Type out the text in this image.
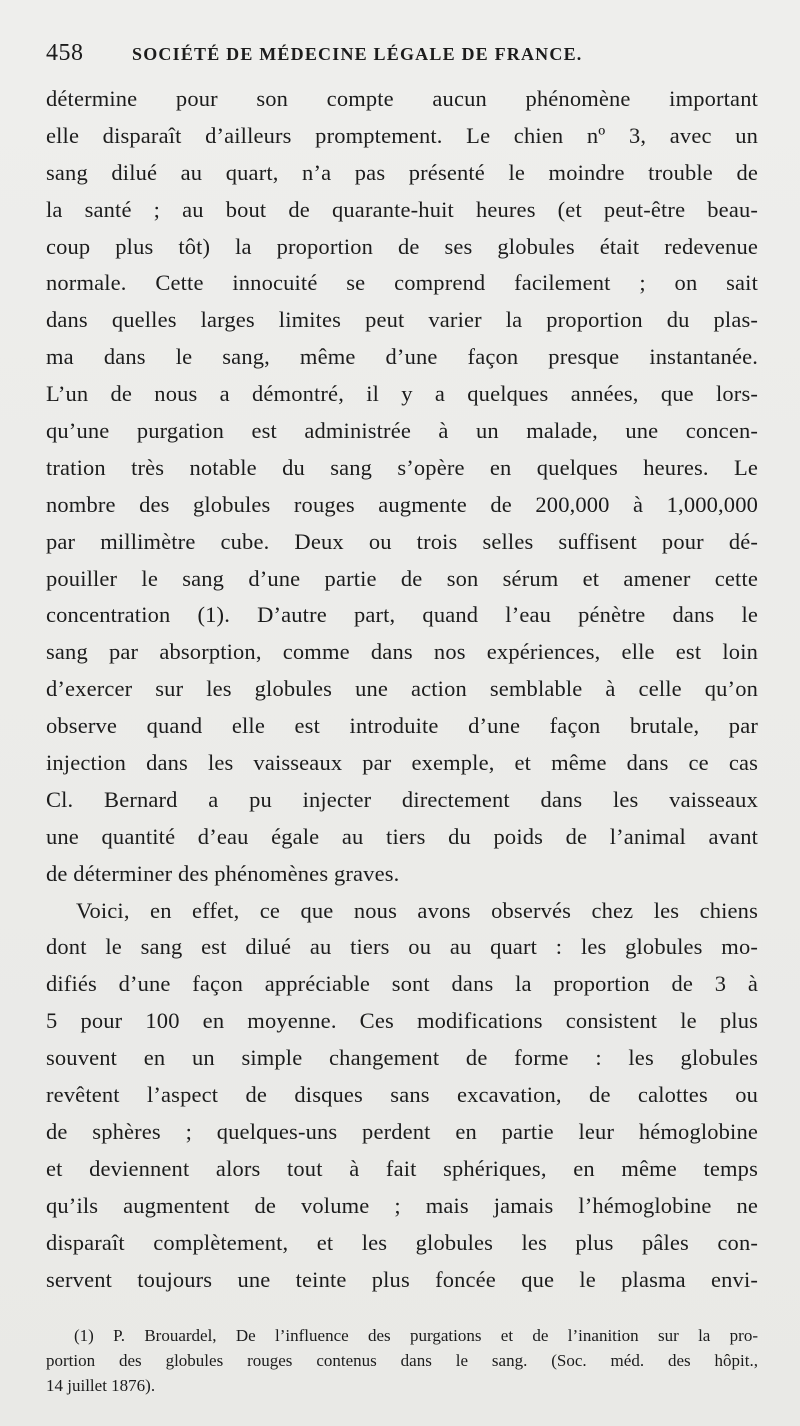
458	SOCIÉTÉ DE MÉDECINE LÉGALE DE FRANCE.
détermine pour son compte aucun phénomène important
elle disparaît d’ailleurs promptement. Le chien nº 3, avec un
sang dilué au quart, n’a pas présenté le moindre trouble de
la santé ; au bout de quarante-huit heures (et peut-être beau-
coup plus tôt) la proportion de ses globules était redevenue
normale. Cette innocuité se comprend facilement ; on sait
dans quelles larges limites peut varier la proportion du plas-
ma dans le sang, même d’une façon presque instantanée.
L’un de nous a démontré, il y a quelques années, que lors-
qu’une purgation est administrée à un malade, une concen-
tration très notable du sang s’opère en quelques heures. Le
nombre des globules rouges augmente de 200,000 à 1,000,000
par millimètre cube. Deux ou trois selles suffisent pour dé-
pouiller le sang d’une partie de son sérum et amener cette
concentration (1). D’autre part, quand l’eau pénètre dans le
sang par absorption, comme dans nos expériences, elle est loin
d’exercer sur les globules une action semblable à celle qu’on
observe quand elle est introduite d’une façon brutale, par
injection dans les vaisseaux par exemple, et même dans ce cas
Cl. Bernard a pu injecter directement dans les vaisseaux
une quantité d’eau égale au tiers du poids de l’animal avant
de déterminer des phénomènes graves.
Voici, en effet, ce que nous avons observés chez les chiens
dont le sang est dilué au tiers ou au quart : les globules mo-
difiés d’une façon appréciable sont dans la proportion de 3 à
5 pour 100 en moyenne. Ces modifications consistent le plus
souvent en un simple changement de forme : les globules
revêtent l’aspect de disques sans excavation, de calottes ou
de sphères ; quelques-uns perdent en partie leur hémoglobine
et deviennent alors tout à fait sphériques, en même temps
qu’ils augmentent de volume ; mais jamais l’hémoglobine ne
disparaît complètement, et les globules les plus pâles con-
servent toujours une teinte plus foncée que le plasma envi-
(1) P. Brouardel, De l’influence des purgations et de l’inanition sur la pro-
portion des globules rouges contenus dans le sang. (Soc. méd. des hôpit.,
14 juillet 1876).
